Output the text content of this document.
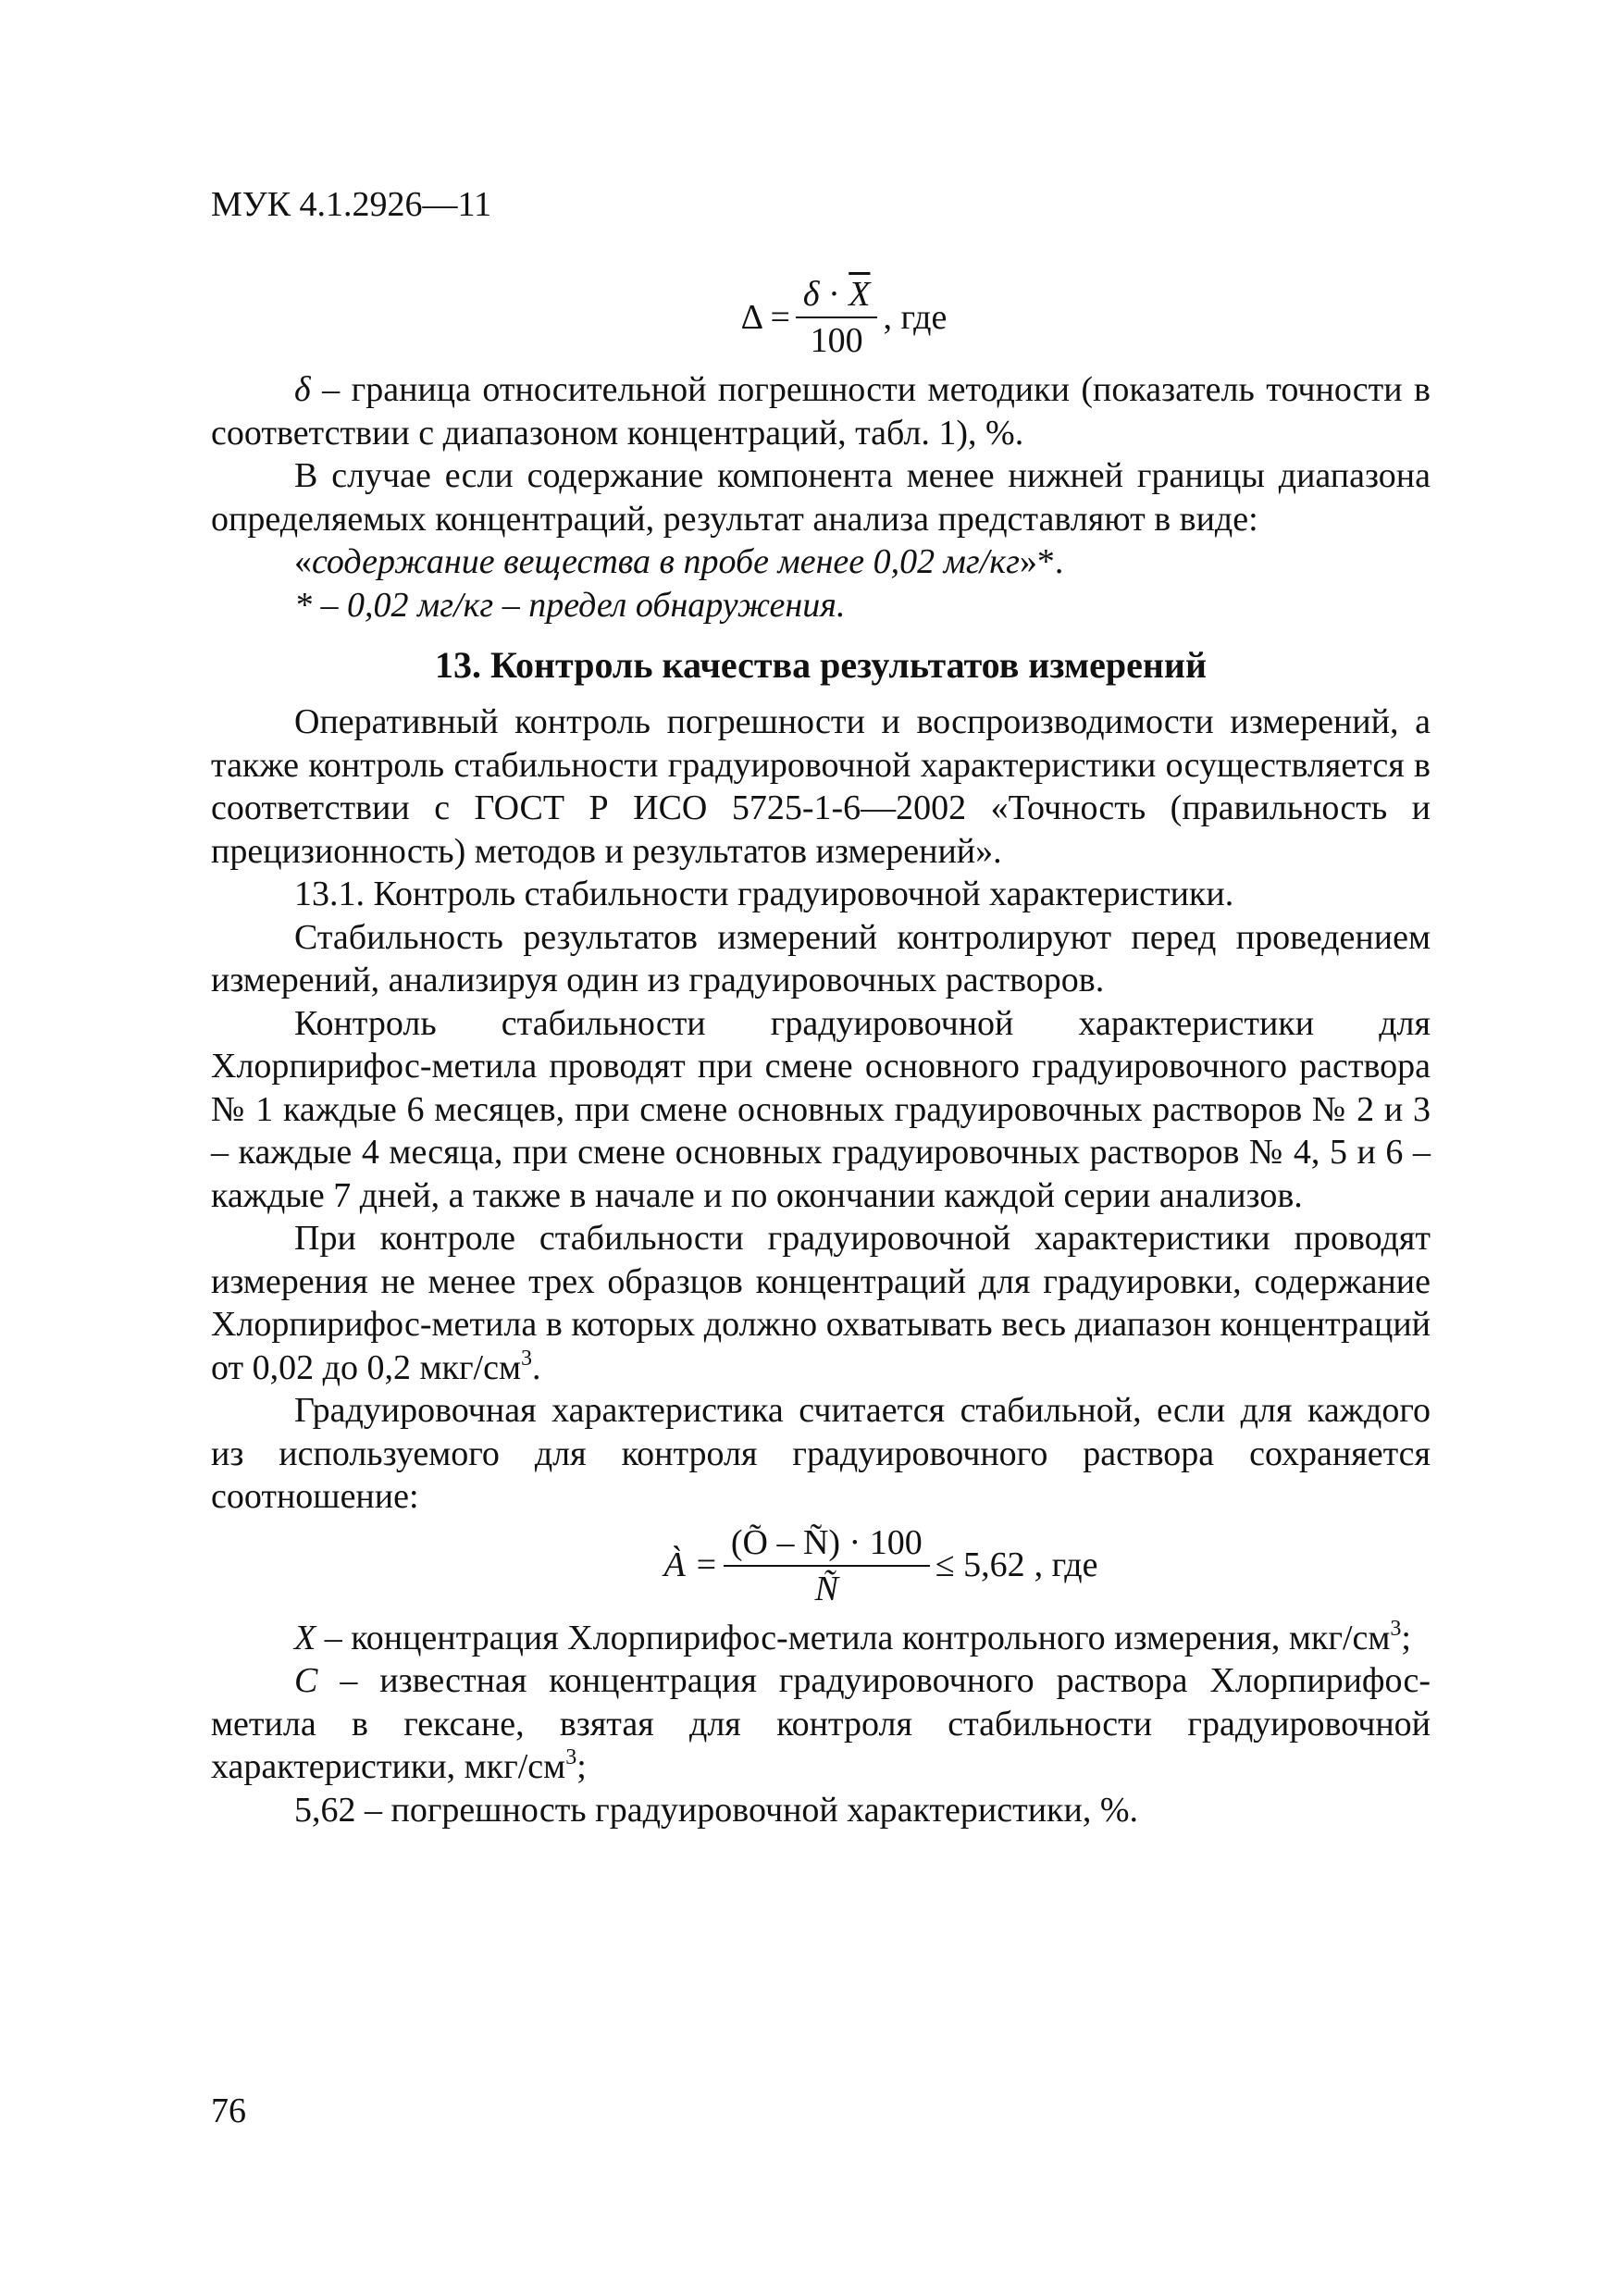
МУК 4.1.2926—11

$\Delta = \frac{\delta \cdot \overline{X}}{100}$ , где

δ – граница относительной погрешности методики (показатель точности в соответствии с диапазоном концентраций, табл. 1), %.

В случае если содержание компонента менее нижней границы диапазона определяемых концентраций, результат анализа представляют в виде:

«содержание вещества в пробе менее 0,02 мг/кг»*.

* – 0,02 мг/кг – предел обнаружения.

13. Контроль качества результатов измерений

Оперативный контроль погрешности и воспроизводимости измерений, а также контроль стабильности градуировочной характеристики осуществляется в соответствии с ГОСТ Р ИСО 5725-1-6—2002 «Точность (правильность и прецизионность) методов и результатов измерений».

13.1. Контроль стабильности градуировочной характеристики.

Стабильность результатов измерений контролируют перед проведением измерений, анализируя один из градуировочных растворов.

Контроль стабильности градуировочной характеристики для Хлорпирифос-метила проводят при смене основного градуировочного раствора № 1 каждые 6 месяцев, при смене основных градуировочных растворов № 2 и 3 – каждые 4 месяца, при смене основных градуировочных растворов № 4, 5 и 6 – каждые 7 дней, а также в начале и по окончании каждой серии анализов.

При контроле стабильности градуировочной характеристики проводят измерения не менее трех образцов концентраций для градуировки, содержание Хлорпирифос-метила в которых должно охватывать весь диапазон концентраций от 0,02 до 0,2 мкг/$см^3$.

Градуировочная характеристика считается стабильной, если для каждого из используемого для контроля градуировочного раствора сохраняется соотношение:

À = $\frac{(Õ - Ñ) \cdot 100}{Ñ} \le 5,62$ , где

X – концентрация Хлорпирифос-метила контрольного измерения, мкг/$см^3$;

C – известная концентрация градуировочного раствора Хлорпирифос-метила в гексане, взятая для контроля стабильности градуировочной характеристики, мкг/$см^3$;

5,62 – погрешность градуировочной характеристики, %.

76
